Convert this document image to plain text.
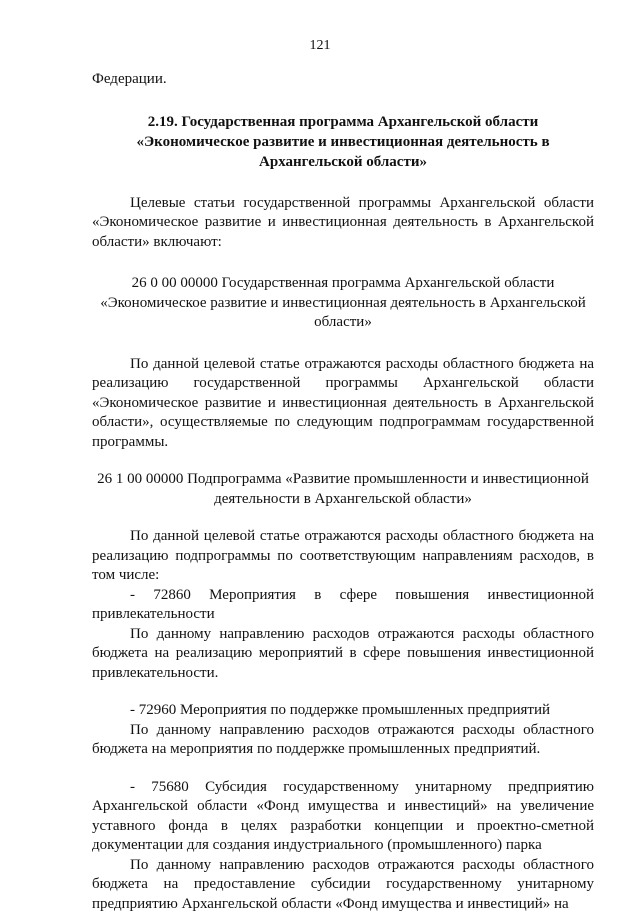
121

Федерации.

2.19. Государственная программа Архангельской области «Экономическое развитие и инвестиционная деятельность в Архангельской области»

Целевые статьи государственной программы Архангельской области «Экономическое развитие и инвестиционная деятельность в Архангельской области» включают:

26 0 00 00000 Государственная программа Архангельской области «Экономическое развитие и инвестиционная деятельность в Архангельской области»

По данной целевой статье отражаются расходы областного бюджета на реализацию государственной программы Архангельской области «Экономическое развитие и инвестиционная деятельность в Архангельской области», осуществляемые по следующим подпрограммам государственной программы.

26 1 00 00000 Подпрограмма «Развитие промышленности и инвестиционной деятельности в Архангельской области»

По данной целевой статье отражаются расходы областного бюджета на реализацию подпрограммы по соответствующим направлениям расходов, в том числе:

- 72860 Мероприятия в сфере повышения инвестиционной привлекательности

По данному направлению расходов отражаются расходы областного бюджета на реализацию мероприятий в сфере повышения инвестиционной привлекательности.

- 72960 Мероприятия по поддержке промышленных предприятий

По данному направлению расходов отражаются расходы областного бюджета на мероприятия по поддержке промышленных предприятий.

- 75680 Субсидия государственному унитарному предприятию Архангельской области «Фонд имущества и инвестиций» на увеличение уставного фонда в целях разработки концепции и проектно-сметной документации для создания индустриального (промышленного) парка

По данному направлению расходов отражаются расходы областного бюджета на предоставление субсидии государственному унитарному предприятию Архангельской области «Фонд имущества и инвестиций» на
